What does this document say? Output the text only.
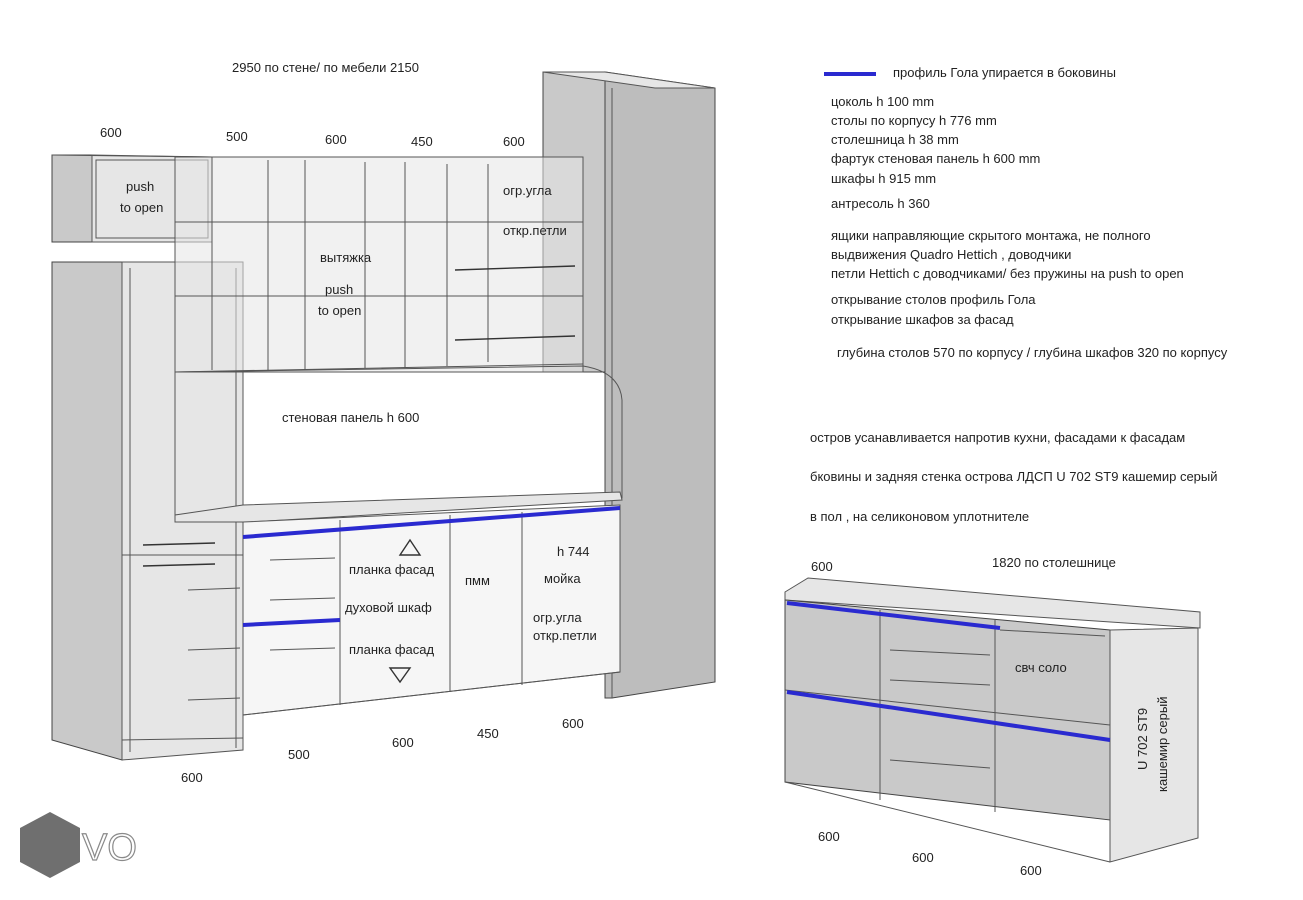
2950 по стене/ по мебели 2150
600	500	600	450	600
push
to open
вытяжка
push
to open
огр.угла
откр.петли
стеновая панель h 600
планка фасад
духовой шкаф
планка фасад
пмм
h 744
мойка
огр.угла
откр.петли
600
500
600
450
600
600	1820 по столешнице
свч соло
U 702 ST9 кашемир серый
600
600
600
VO
профиль Гола упирается в боковины
цоколь h 100 mm
столы по корпусу h 776 mm
столешница h 38 mm
фартук стеновая панель h 600 mm
шкафы h 915 mm
антресоль h 360
ящики направляющие скрытого монтажа, не полного
выдвижения Quadro Hettich , доводчики
петли Hettich с доводчиками/ без пружины на push to open
открывание столов профиль Гола
открывание шкафов за фасад
глубина столов 570 по корпусу / глубина шкафов 320 по корпусу
остров усанавливается напротив кухни, фасадами к фасадам
бковины и задняя стенка острова ЛДСП U 702 ST9 кашемир серый
в пол , на селиконовом уплотнителе
